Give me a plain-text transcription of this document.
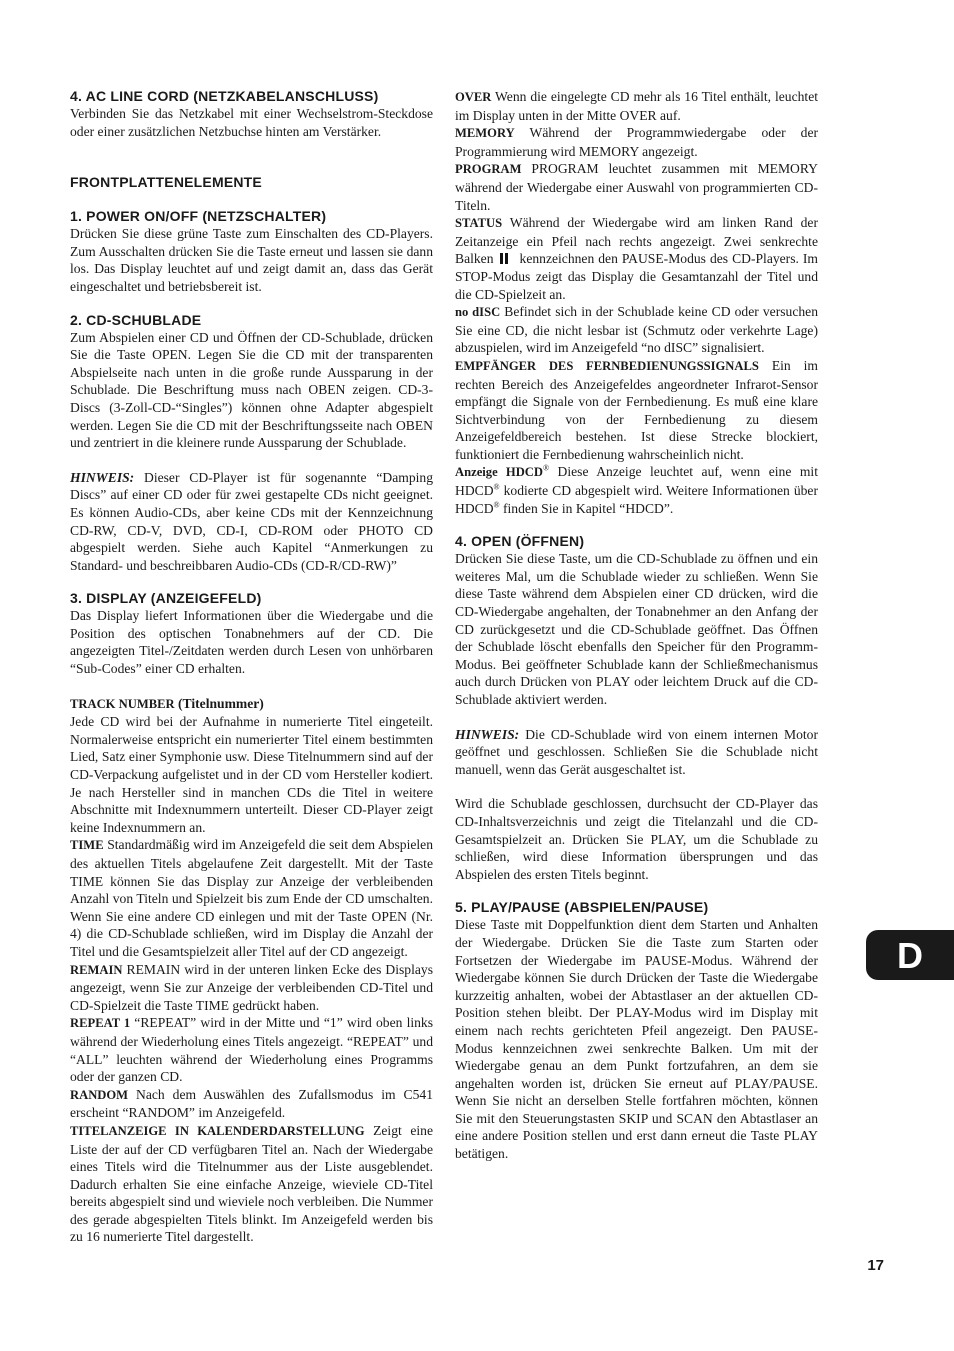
4. AC LINE CORD (NETZKABELANSCHLUSS)

Verbinden Sie das Netzkabel mit einer Wechselstrom-Steckdose oder einer zusätzlichen Netzbuchse hinten am Verstärker.

FRONTPLATTENELEMENTE
1. POWER ON/OFF (NETZSCHALTER)

Drücken Sie diese grüne Taste zum Einschalten des CD-Players. Zum Ausschalten drücken Sie die Taste erneut und lassen sie dann los. Das Display leuchtet auf und zeigt damit an, dass das Gerät eingeschaltet und betriebsbereit ist.

2. CD-SCHUBLADE

Zum Abspielen einer CD und Öffnen der CD-Schublade, drücken Sie die Taste OPEN. Legen Sie die CD mit der transparenten Abspielseite nach unten in die große runde Aussparung in der Schublade. Die Beschriftung muss nach OBEN zeigen. CD-3-Discs (3-Zoll-CD-“Singles”) können ohne Adapter abgespielt werden. Legen Sie die CD mit der Beschriftungsseite nach OBEN und zentriert in die kleinere runde Aussparung der Schublade.

HINWEIS: Dieser CD-Player ist für sogenannte “Damping Discs” auf einer CD oder für zwei gestapelte CDs nicht geeignet. Es können Audio-CDs, aber keine CDs mit der Kennzeichnung CD-RW, CD-V, DVD, CD-I, CD-ROM oder PHOTO CD abgespielt werden. Siehe auch Kapitel “Anmerkungen zu Standard- und beschreibbaren Audio-CDs (CD-R/CD-RW)”

3. DISPLAY (ANZEIGEFELD)

Das Display liefert Informationen über die Wiedergabe und die Position des optischen Tonabnehmers auf der CD. Die angezeigten Titel-/Zeitdaten werden durch Lesen von unhörbaren “Sub-Codes” einer CD erhalten.

TRACK NUMBER (Titelnummer)

Jede CD wird bei der Aufnahme in numerierte Titel eingeteilt. Normalerweise entspricht ein numerierter Titel einem bestimmten Lied, Satz einer Symphonie usw. Diese Titelnummern sind auf der CD-Verpackung aufgelistet und in der CD vom Hersteller kodiert. Je nach Hersteller sind in manchen CDs die Titel in weitere Abschnitte mit Indexnummern unterteilt. Dieser CD-Player zeigt keine Indexnummern an.

TIME Standardmäßig wird im Anzeigefeld die seit dem Abspielen des aktuellen Titels abgelaufene Zeit dargestellt. Mit der Taste TIME können Sie das Display zur Anzeige der verbleibenden Anzahl von Titeln und Spielzeit bis zum Ende der CD umschalten. Wenn Sie eine andere CD einlegen und mit der Taste OPEN (Nr. 4) die CD-Schublade schließen, wird im Display die Anzahl der Titel und die Gesamtspielzeit aller Titel auf der CD angezeigt.

REMAIN REMAIN wird in der unteren linken Ecke des Displays angezeigt, wenn Sie zur Anzeige der verbleibenden CD-Titel und CD-Spielzeit die Taste TIME gedrückt haben.

REPEAT 1 “REPEAT” wird in der Mitte und “1” wird oben links während der Wiederholung eines Titels angezeigt. “REPEAT” und “ALL” leuchten während der Wiederholung eines Programms oder der ganzen CD.

RANDOM Nach dem Auswählen des Zufallsmodus im C541 erscheint “RANDOM” im Anzeigefeld.

TITELANZEIGE IN KALENDERDARSTELLUNG Zeigt eine Liste der auf der CD verfügbaren Titel an. Nach der Wiedergabe eines Titels wird die Titelnummer aus der Liste ausgeblendet. Dadurch erhalten Sie eine einfache Anzeige, wieviele CD-Titel bereits abgespielt sind und wieviele noch verbleiben. Die Nummer des gerade abgespielten Titels blinkt. Im Anzeigefeld werden bis zu 16 numerierte Titel dargestellt.

OVER Wenn die eingelegte CD mehr als 16 Titel enthält, leuchtet im Display unten in der Mitte OVER auf.

MEMORY Während der Programmwiedergabe oder der Programmierung wird MEMORY angezeigt.

PROGRAM PROGRAM leuchtet zusammen mit MEMORY während der Wiedergabe einer Auswahl von programmierten CD-Titeln.

STATUS Während der Wiedergabe wird am linken Rand der Zeitanzeige ein Pfeil nach rechts angezeigt. Zwei senkrechte Balken kennzeichnen den PAUSE-Modus des CD-Players. Im STOP-Modus zeigt das Display die Gesamtanzahl der Titel und die CD-Spielzeit an.

no dISC Befindet sich in der Schublade keine CD oder versuchen Sie eine CD, die nicht lesbar ist (Schmutz oder verkehrte Lage) abzuspielen, wird im Anzeigefeld “no dISC” signalisiert.

EMPFÄNGER DES FERNBEDIENUNGSSIGNALS Ein im rechten Bereich des Anzeigefeldes angeordneter Infrarot-Sensor empfängt die Signale von der Fernbedienung. Es muß eine klare Sichtverbindung von der Fernbedienung zu diesem Anzeigefeldbereich bestehen. Ist diese Strecke blockiert, funktioniert die Fernbedienung wahrscheinlich nicht.

Anzeige HDCD® Diese Anzeige leuchtet auf, wenn eine mit HDCD® kodierte CD abgespielt wird. Weitere Informationen über HDCD® finden Sie in Kapitel “HDCD”.

4. OPEN (ÖFFNEN)

Drücken Sie diese Taste, um die CD-Schublade zu öffnen und ein weiteres Mal, um die Schublade wieder zu schließen. Wenn Sie diese Taste während dem Abspielen einer CD drücken, wird die CD-Wiedergabe angehalten, der Tonabnehmer an den Anfang der CD zurückgesetzt und die CD-Schublade geöffnet. Das Öffnen der Schublade löscht ebenfalls den Speicher für den Programm-Modus. Bei geöffneter Schublade kann der Schließmechanismus auch durch Drücken von PLAY oder leichtem Druck auf die CD-Schublade aktiviert werden.

HINWEIS: Die CD-Schublade wird von einem internen Motor geöffnet und geschlossen. Schließen Sie die Schublade nicht manuell, wenn das Gerät ausgeschaltet ist.

Wird die Schublade geschlossen, durchsucht der CD-Player das CD-Inhaltsverzeichnis und zeigt die Titelanzahl und die CD-Gesamtspielzeit an. Drücken Sie PLAY, um die Schublade zu schließen, wird diese Information übersprungen und das Abspielen des ersten Titels beginnt.

5. PLAY/PAUSE (ABSPIELEN/PAUSE)

Diese Taste mit Doppelfunktion dient dem Starten und Anhalten der Wiedergabe. Drücken Sie die Taste zum Starten oder Fortsetzen der Wiedergabe im PAUSE-Modus. Während der Wiedergabe können Sie durch Drücken der Taste die Wiedergabe kurzzeitig anhalten, wobei der Abtastlaser an der aktuellen CD-Position stehen bleibt. Der PLAY-Modus wird im Display mit einem nach rechts gerichteten Pfeil angezeigt. Den PAUSE-Modus kennzeichnen zwei senkrechte Balken. Um mit der Wiedergabe genau an dem Punkt fortzufahren, an dem sie angehalten worden ist, drücken Sie erneut auf PLAY/PAUSE. Wenn Sie nicht an derselben Stelle fortfahren möchten, können Sie mit den Steuerungstasten SKIP und SCAN den Abtastlaser an eine andere Position stellen und erst dann erneut die Taste PLAY betätigen.

D
17
